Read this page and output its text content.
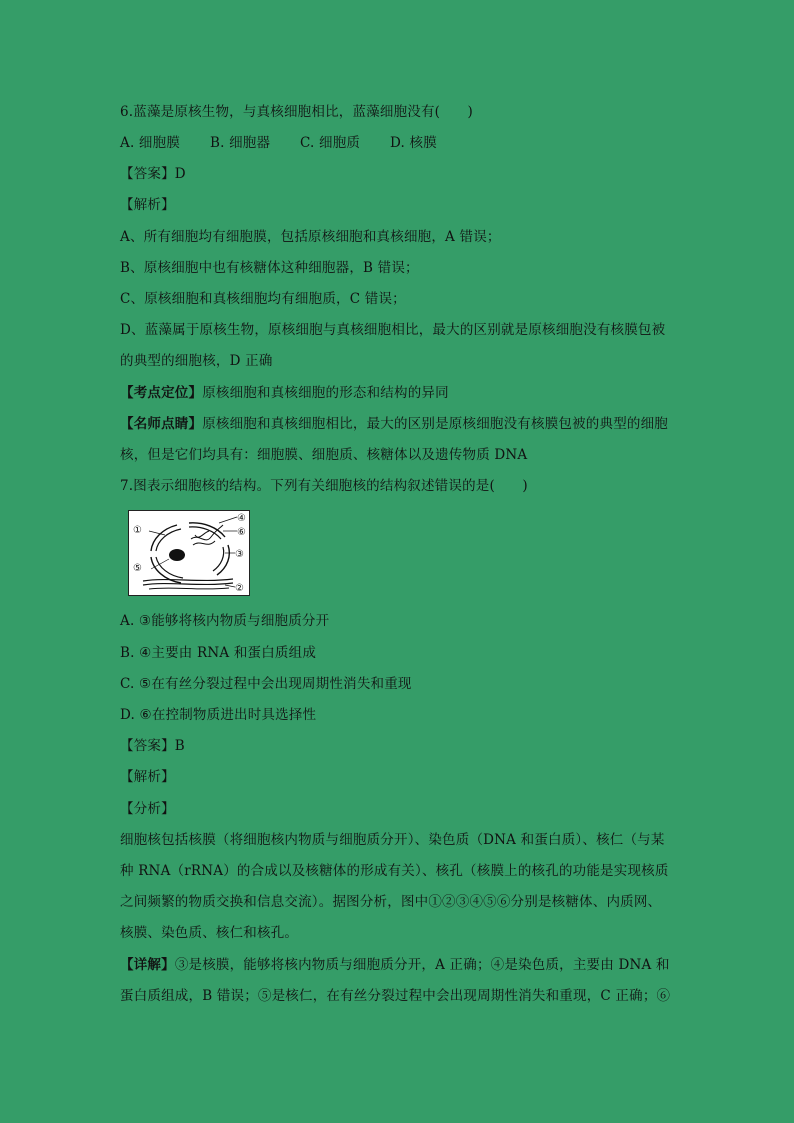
6.蓝藻是原核生物，与真核细胞相比，蓝藻细胞没有(　　)
A. 细胞膜 B. 细胞器 C. 细胞质 D. 核膜
【答案】D
【解析】
A、所有细胞均有细胞膜，包括原核细胞和真核细胞，A 错误；
B、原核细胞中也有核糖体这种细胞器，B 错误；
C、原核细胞和真核细胞均有细胞质，C 错误；
D、蓝藻属于原核生物，原核细胞与真核细胞相比，最大的区别就是原核细胞没有核膜包被
的典型的细胞核，D 正确
【考点定位】原核细胞和真核细胞的形态和结构的异同
【名师点睛】原核细胞和真核细胞相比，最大的区别是原核细胞没有核膜包被的典型的细胞
核，但是它们均具有：细胞膜、细胞质、核糖体以及遗传物质 DNA
7.图表示细胞核的结构。下列有关细胞核的结构叙述错误的是(　　)
①
②
③
④
⑤
⑥
A. ③能够将核内物质与细胞质分开
B. ④主要由 RNA 和蛋白质组成
C. ⑤在有丝分裂过程中会出现周期性消失和重现
D. ⑥在控制物质进出时具选择性
【答案】B
【解析】
【分析】
细胞核包括核膜（将细胞核内物质与细胞质分开）、染色质（DNA 和蛋白质）、核仁（与某
种 RNA（rRNA）的合成以及核糖体的形成有关）、核孔（核膜上的核孔的功能是实现核质
之间频繁的物质交换和信息交流）。据图分析，图中①②③④⑤⑥分别是核糖体、内质网、
核膜、染色质、核仁和核孔。
【详解】③是核膜，能够将核内物质与细胞质分开，A 正确；④是染色质，主要由 DNA 和
蛋白质组成，B 错误；⑤是核仁，在有丝分裂过程中会出现周期性消失和重现，C 正确；⑥
